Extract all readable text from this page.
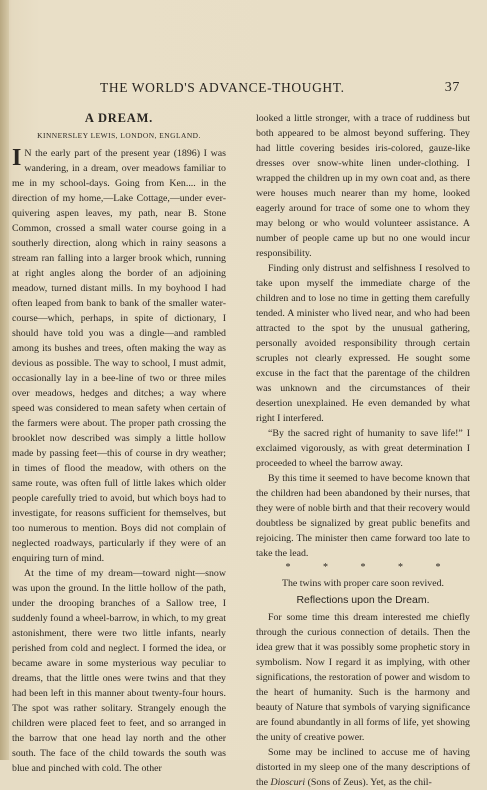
THE WORLD'S ADVANCE-THOUGHT.	37
A DREAM.
KINNERSLEY LEWIS, LONDON, ENGLAND.

I N the early part of the present year (1896) I was wandering, in a dream, over meadows familiar to me in my school-days. Going from Ken.... in the direction of my home,—Lake Cottage,—under ever-quivering aspen leaves, my path, near B. Stone Common, crossed a small water course going in a southerly direction, along which in rainy seasons a stream ran falling into a larger brook which, running at right angles along the border of an adjoining meadow, turned distant mills. In my boyhood I had often leaped from bank to bank of the smaller water-course—which, perhaps, in spite of dictionary, I should have told you was a dingle—and rambled among its bushes and trees, often making the way as devious as possible. The way to school, I must admit, occasionally lay in a bee-line of two or three miles over meadows, hedges and ditches; a way where speed was considered to mean safety when certain of the farmers were about. The proper path crossing the brooklet now described was simply a little hollow made by passing feet—this of course in dry weather; in times of flood the meadow, with others on the same route, was often full of little lakes which older people carefully tried to avoid, but which boys had to investigate, for reasons sufficient for themselves, but too numerous to mention. Boys did not complain of neglected roadways, particularly if they were of an enquiring turn of mind.

At the time of my dream—toward night—snow was upon the ground. In the little hollow of the path, under the drooping branches of a Sallow tree, I suddenly found a wheel-barrow, in which, to my great astonishment, there were two little infants, nearly perished from cold and neglect. I formed the idea, or became aware in some mysterious way peculiar to dreams, that the little ones were twins and that they had been left in this manner about twenty-four hours. The spot was rather solitary. Strangely enough the children were placed feet to feet, and so arranged in the barrow that one head lay north and the other south. The face of the child towards the south was blue and pinched with cold. The other

looked a little stronger, with a trace of ruddiness but both appeared to be almost beyond suffering. They had little covering besides iris-colored, gauze-like dresses over snow-white linen under-clothing. I wrapped the children up in my own coat and, as there were houses much nearer than my home, looked eagerly around for trace of some one to whom they may belong or who would volunteer assistance. A number of people came up but no one would incur responsibility.

Finding only distrust and selfishness I resolved to take upon myself the immediate charge of the children and to lose no time in getting them carefully tended. A minister who lived near, and who had been attracted to the spot by the unusual gathering, personally avoided responsibility through certain scruples not clearly expressed. He sought some excuse in the fact that the parentage of the children was unknown and the circumstances of their desertion unexplained. He even demanded by what right I interfered.

“By the sacred right of humanity to save life!” I exclaimed vigorously, as with great determination I proceeded to wheel the barrow away.

By this time it seemed to have become known that the children had been abandoned by their nurses, that they were of noble birth and that their recovery would doubtless be signalized by great public benefits and rejoicing. The minister then came forward too late to take the lead.

* * * * *

The twins with proper care soon revived.

Reflections upon the Dream.

For some time this dream interested me chiefly through the curious connection of details. Then the idea grew that it was possibly some prophetic story in symbolism. Now I regard it as implying, with other significations, the restoration of power and wisdom to the heart of humanity. Such is the harmony and beauty of Nature that symbols of varying significance are found abundantly in all forms of life, yet showing the unity of creative power.

Some may be inclined to accuse me of having distorted in my sleep one of the many descriptions of the Dioscuri (Sons of Zeus). Yet, as the chil-
